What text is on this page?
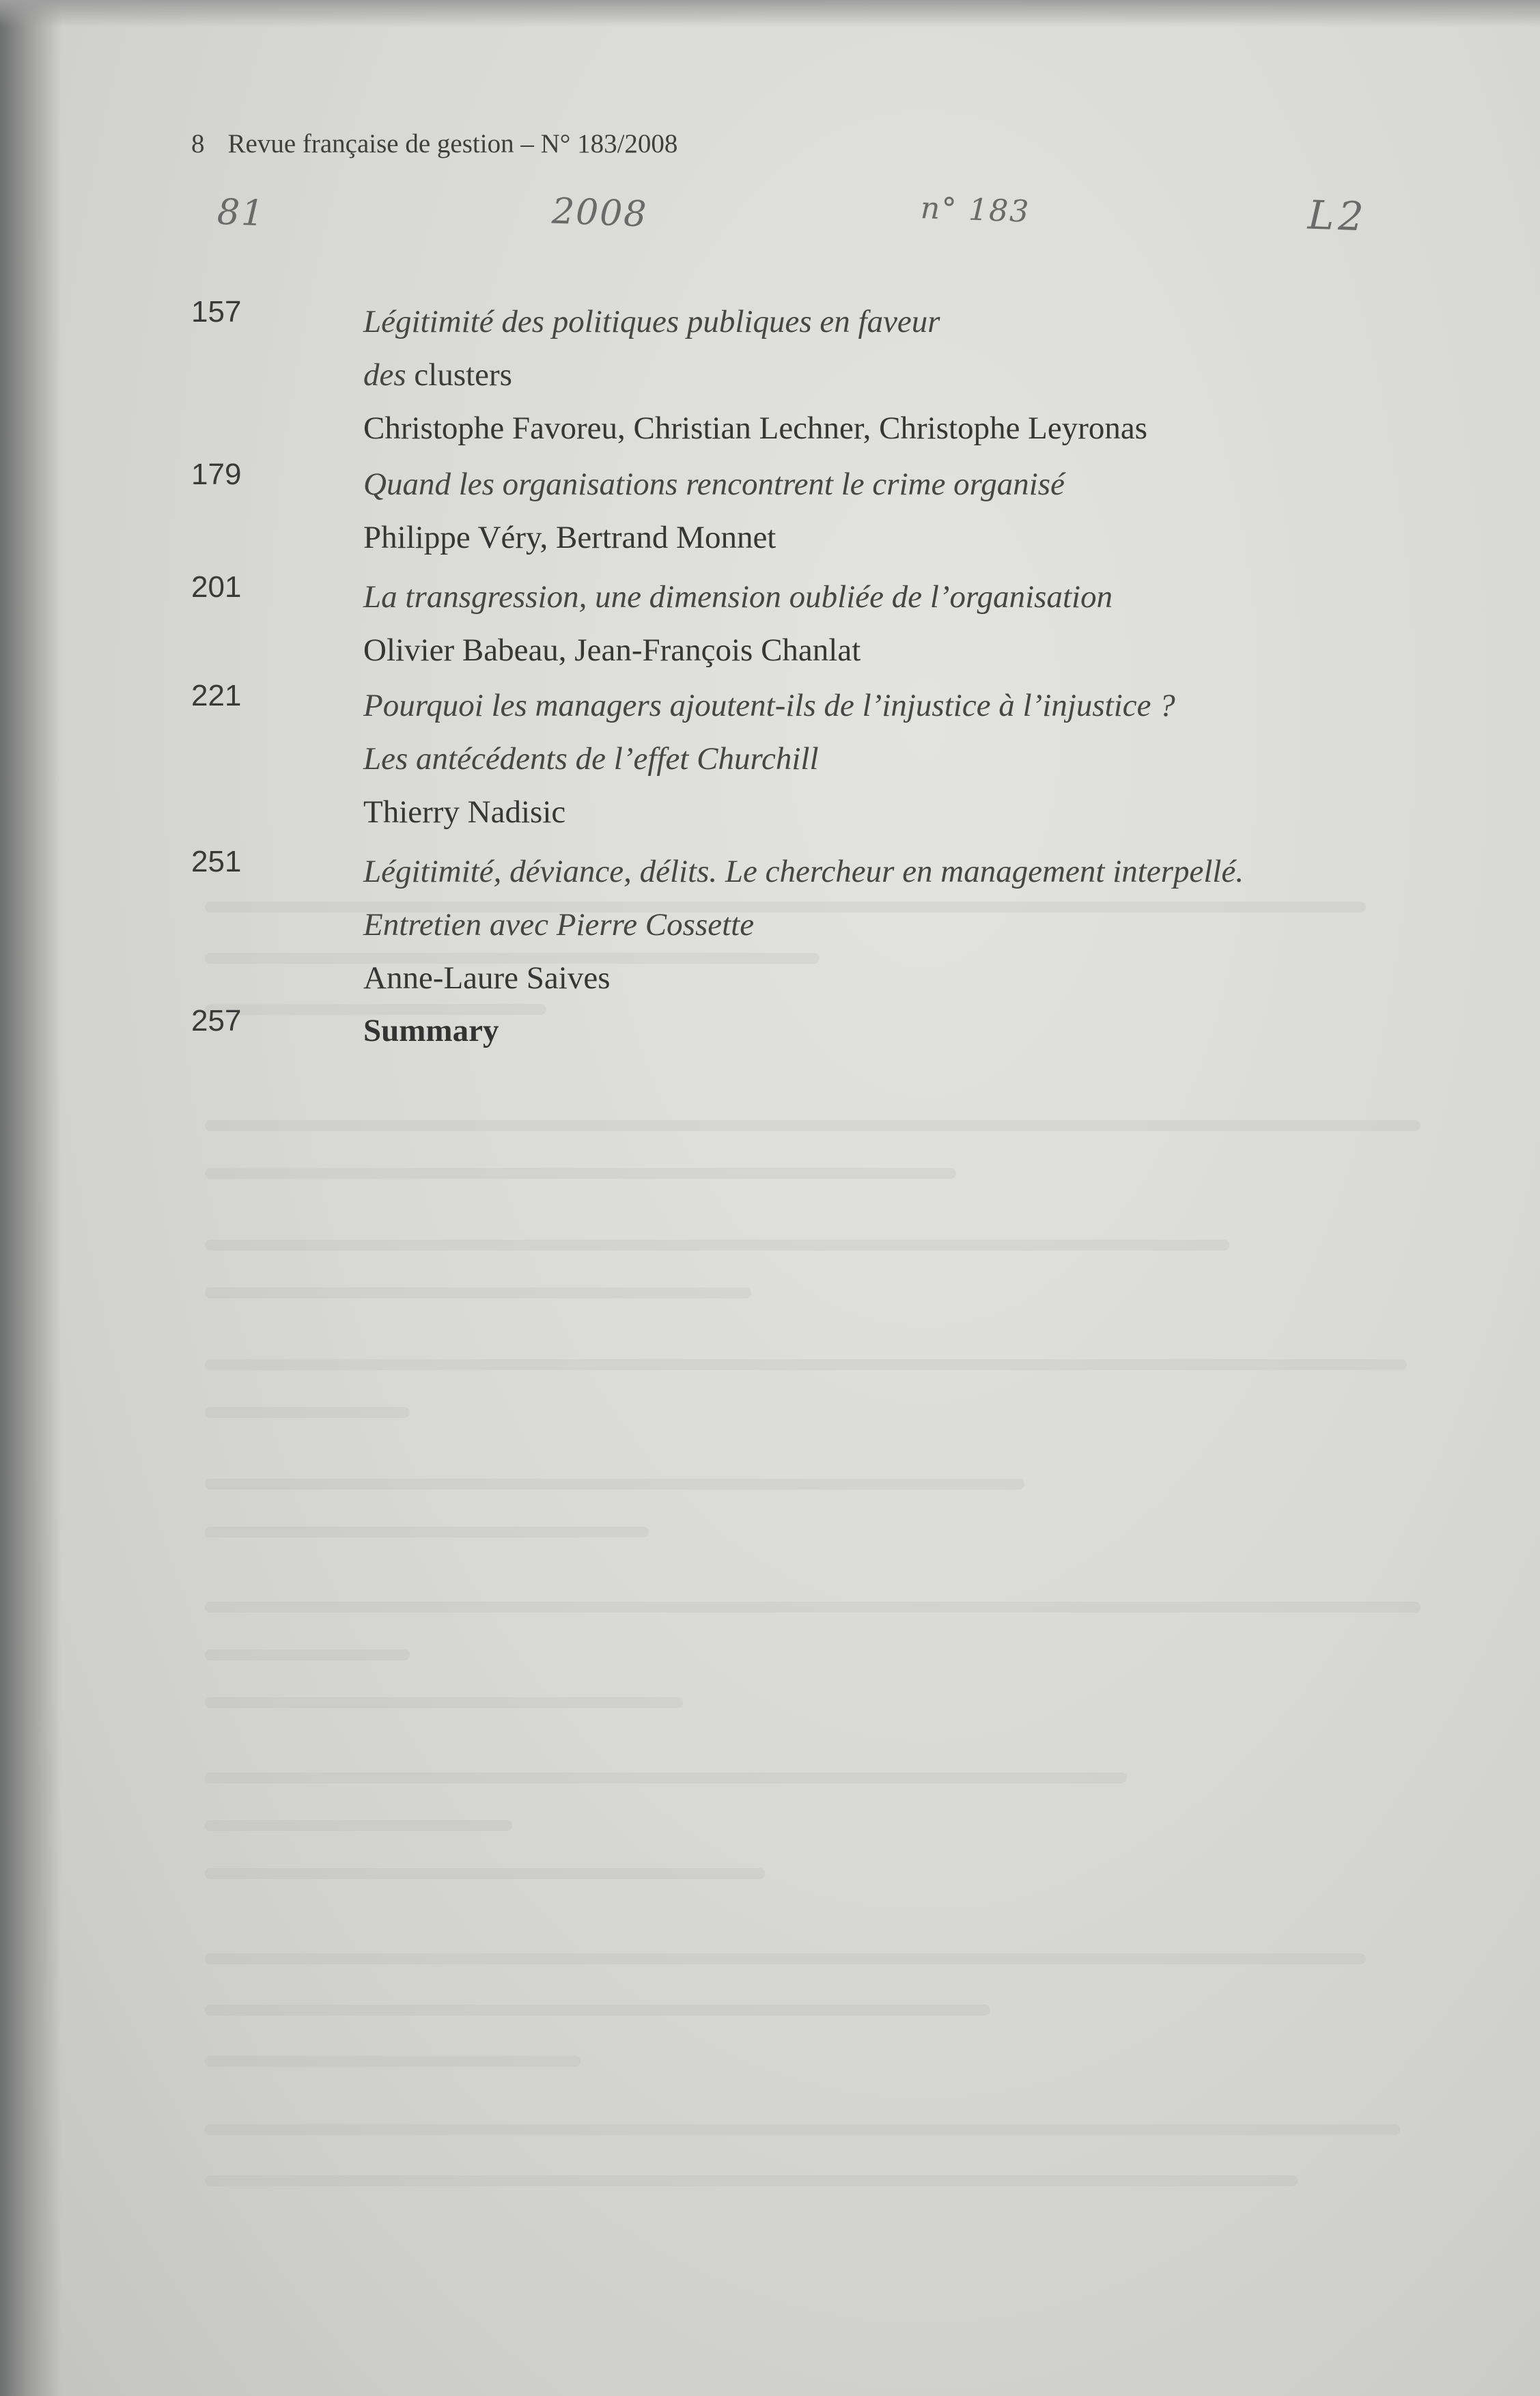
8 Revue française de gestion – N° 183/2008
81	2008	n° 183	L2
157	Légitimité des politiques publiques en faveur
des clusters
Christophe Favoreu, Christian Lechner, Christophe Leyronas
179	Quand les organisations rencontrent le crime organisé
Philippe Véry, Bertrand Monnet
201	La transgression, une dimension oubliée de l’organisation
Olivier Babeau, Jean-François Chanlat
221	Pourquoi les managers ajoutent-ils de l’injustice à l’injustice ?
Les antécédents de l’effet Churchill
Thierry Nadisic
251	Légitimité, déviance, délits. Le chercheur en management interpellé.
Entretien avec Pierre Cossette
Anne-Laure Saives
257	Summary
